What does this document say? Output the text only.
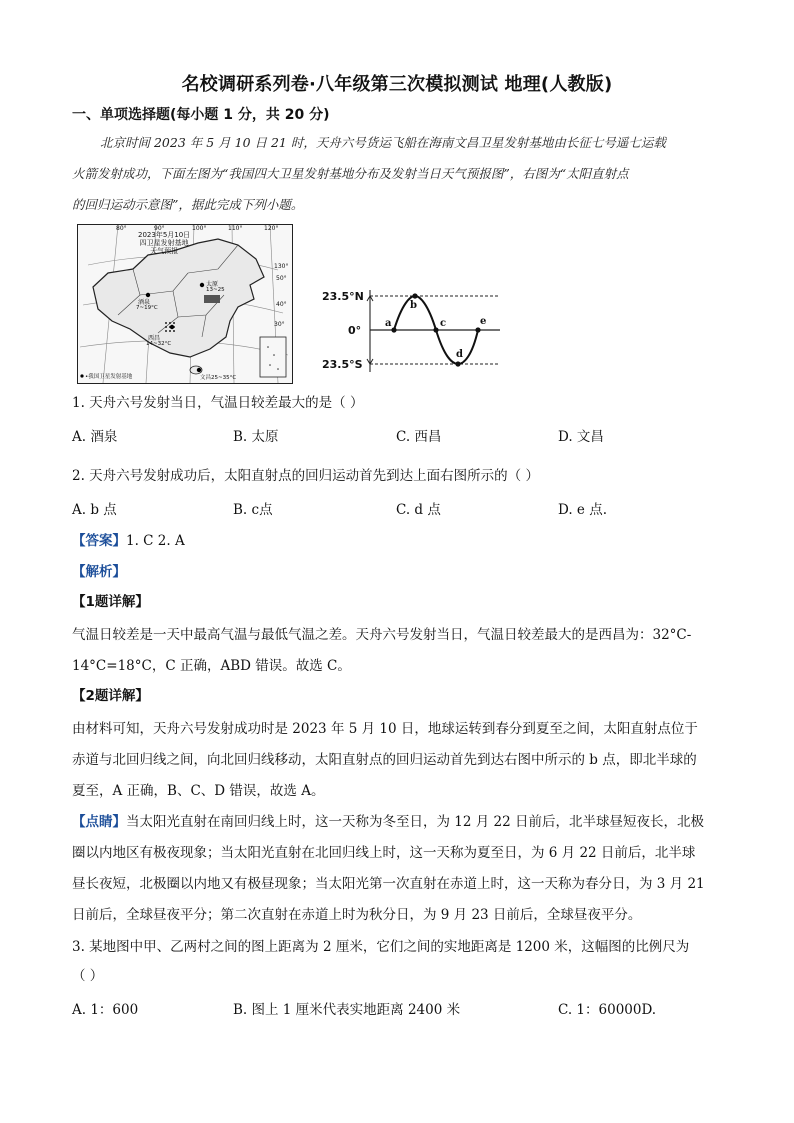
名校调研系列卷·八年级第三次模拟测试 地理(人教版)
一、单项选择题(每小题 1 分，共 20 分)
北京时间 2023 年 5 月 10 日 21 时，天舟六号货运飞船在海南文昌卫星发射基地由长征七号遥七运载
火箭发射成功，下面左图为“我国四大卫星发射基地分布及发射当日天气预报图”，右图为“太阳直射点
的回归运动示意图”，据此完成下列小题。
2023年5月10日
四卫星发射基地
天气预报
80°	90°	100°	110°	120°
130°
50°
40°
30°
酒泉
7~19°C
太原
13~25
西昌
14~32°C
文昌25~35°C
•我国卫星发射基地
23.5°N
0°
23.5°S
a
b
c
d
e
1. 天舟六号发射当日，气温日较差最大的是（ ）
A. 酒泉	B. 太原	C. 西昌	D. 文昌
2. 天舟六号发射成功后，太阳直射点的回归运动首先到达上面右图所示的（ ）
A. b 点	B. c点	C. d 点	D. e 点.
【答案】1. C 2. A
【解析】
【1题详解】
气温日较差是一天中最高气温与最低气温之差。天舟六号发射当日，气温日较差最大的是西昌为：32°C-
14°C=18°C，C 正确，ABD 错误。故选 C。
【2题详解】
由材料可知，天舟六号发射成功时是 2023 年 5 月 10 日，地球运转到春分到夏至之间，太阳直射点位于
赤道与北回归线之间，向北回归线移动，太阳直射点的回归运动首先到达右图中所示的 b 点，即北半球的
夏至，A 正确，B、C、D 错误，故选 A。
【点睛】当太阳光直射在南回归线上时，这一天称为冬至日，为 12 月 22 日前后，北半球昼短夜长，北极
圈以内地区有极夜现象；当太阳光直射在北回归线上时，这一天称为夏至日，为 6 月 22 日前后，北半球
昼长夜短，北极圈以内地又有极昼现象；当太阳光第一次直射在赤道上时，这一天称为春分日，为 3 月 21
日前后，全球昼夜平分；第二次直射在赤道上时为秋分日，为 9 月 23 日前后，全球昼夜平分。
3. 某地图中甲、乙两村之间的图上距离为 2 厘米，它们之间的实地距离是 1200 米，这幅图的比例尺为
（ ）
A. 1：600	B. 图上 1 厘米代表实地距离 2400 米	C. 1：60000D.
